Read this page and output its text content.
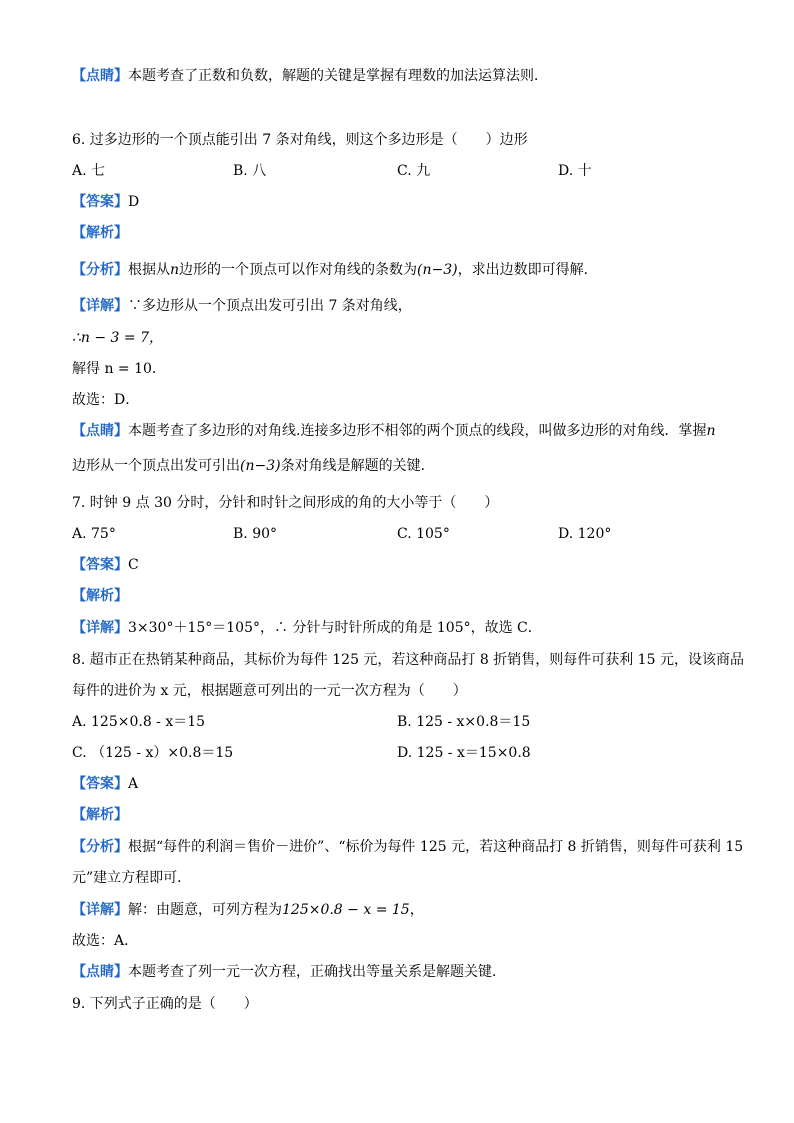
【点睛】本题考查了正数和负数，解题的关键是掌握有理数的加法运算法则．
6. 过多边形的一个顶点能引出 7 条对角线，则这个多边形是（　　）边形
A. 七	B. 八	C. 九	D. 十
【答案】D
【解析】
【分析】根据从n边形的一个顶点可以作对角线的条数为(n−3)，求出边数即可得解．
【详解】∵多边形从一个顶点出发可引出 7 条对角线，
∴n − 3 = 7，
解得 n = 10．
故选：D．
【点睛】本题考查了多边形的对角线.连接多边形不相邻的两个顶点的线段，叫做多边形的对角线．掌握n
边形从一个顶点出发可引出(n−3)条对角线是解题的关键．
7. 时钟 9 点 30 分时，分针和时针之间形成的角的大小等于（　　）
A. 75°	B. 90°	C. 105°	D. 120°
【答案】C
【解析】
【详解】3×30°＋15°＝105°，∴ 分针与时针所成的角是 105°，故选 C．
8. 超市正在热销某种商品，其标价为每件 125 元，若这种商品打 8 折销售，则每件可获利 15 元，设该商品
每件的进价为 x 元，根据题意可列出的一元一次方程为（　　）
A. 125×0.8 - x＝15	B. 125 - x×0.8＝15
C. （125 - x）×0.8＝15	D. 125 - x＝15×0.8
【答案】A
【解析】
【分析】根据“每件的利润＝售价－进价”、“标价为每件 125 元，若这种商品打 8 折销售，则每件可获利 15
元”建立方程即可．
【详解】解：由题意，可列方程为125×0.8 − x = 15，
故选：A．
【点睛】本题考查了列一元一次方程，正确找出等量关系是解题关键．
9. 下列式子正确的是（　　）
